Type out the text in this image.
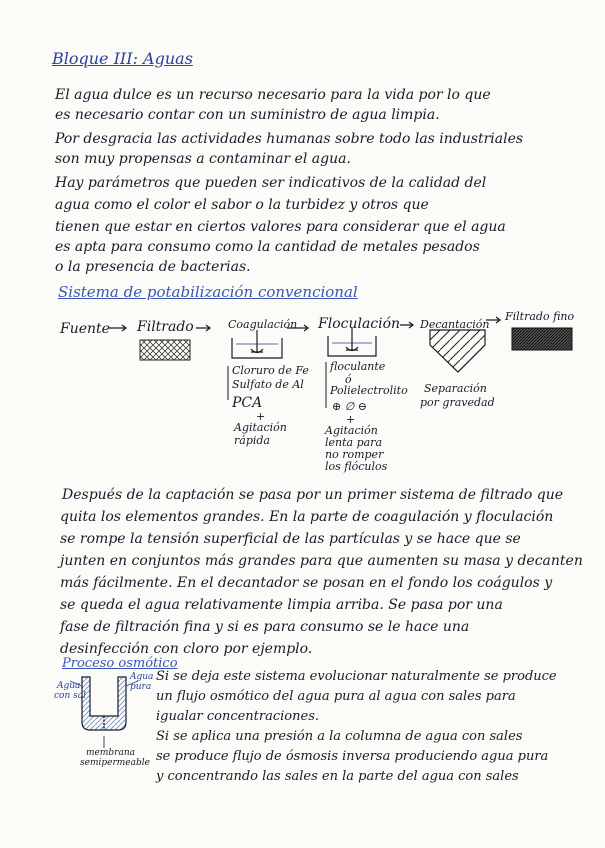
Bloque III: Aguas
El agua dulce es un recurso necesario para la vida por lo que
es necesario contar con un suministro de agua limpia.
Por desgracia las actividades humanas sobre todo las industriales
son muy propensas a contaminar el agua.
Hay parámetros que pueden ser indicativos de la calidad del
agua como el color el sabor o la turbidez y otros que
tienen que estar en ciertos valores para considerar que el agua
es apta para consumo como la cantidad de metales pesados
o la presencia de bacterias.
Sistema de potabilización convencional
Fuente Filtrado	Coagulación Floculación Decantación
Filtrado fino
Cloruro de Fe
Sulfato de Al
PCA
+
Agitación
rápida
floculante
ó
Polielectrolito
⊕ ∅ ⊖
+
Agitación
lenta para
no romper
los flóculos
Separación
por gravedad
Después de la captación se pasa por un primer sistema de filtrado que
quita los elementos grandes. En la parte de coagulación y floculación
se rompe la tensión superficial de las partículas y se hace que se
junten en conjuntos más grandes para que aumenten su masa y decanten
más fácilmente. En el decantador se posan en el fondo los coágulos y
se queda el agua relativamente limpia arriba. Se pasa por una
fase de filtración fina y si es para consumo se le hace una
desinfección con cloro por ejemplo.
Proceso osmótico
Agua
con sal
Agua
pura
membrana
semipermeable
Si se deja este sistema evolucionar naturalmente se produce
un flujo osmótico del agua pura al agua con sales para
igualar concentraciones.
Si se aplica una presión a la columna de agua con sales
se produce flujo de ósmosis inversa produciendo agua pura
y concentrando las sales en la parte del agua con sales
